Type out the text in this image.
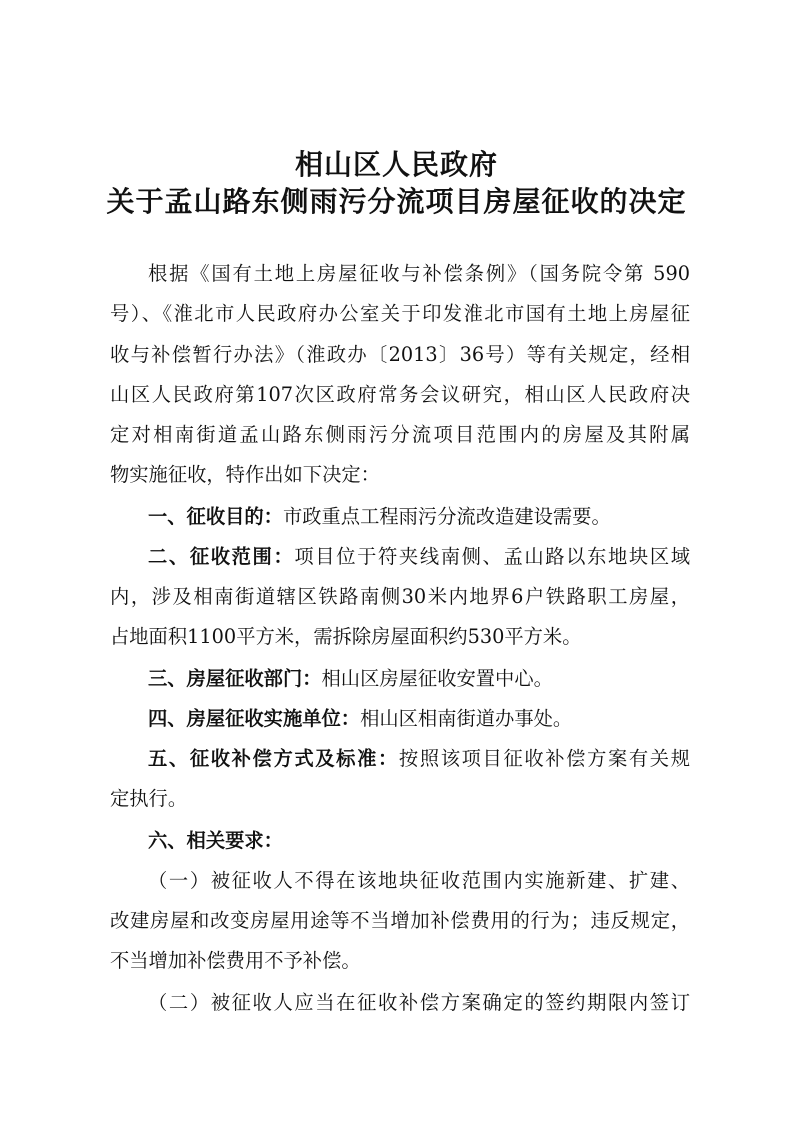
相山区人民政府
关于孟山路东侧雨污分流项目房屋征收的决定
根据《国有土地上房屋征收与补偿条例》（国务院令第 590
号）、《淮北市人民政府办公室关于印发淮北市国有土地上房屋征
收与补偿暂行办法》（淮政办〔2013〕36号）等有关规定，经相
山区人民政府第107次区政府常务会议研究，相山区人民政府决
定对相南街道孟山路东侧雨污分流项目范围内的房屋及其附属
物实施征收，特作出如下决定：
一、征收目的：市政重点工程雨污分流改造建设需要。
二、征收范围：项目位于符夹线南侧、孟山路以东地块区域
内，涉及相南街道辖区铁路南侧30米内地界6户铁路职工房屋，
占地面积1100平方米，需拆除房屋面积约530平方米。
三、房屋征收部门：相山区房屋征收安置中心。
四、房屋征收实施单位：相山区相南街道办事处。
五、征收补偿方式及标准：按照该项目征收补偿方案有关规
定执行。
六、相关要求：
（一）被征收人不得在该地块征收范围内实施新建、扩建、
改建房屋和改变房屋用途等不当增加补偿费用的行为；违反规定，
不当增加补偿费用不予补偿。
（二）被征收人应当在征收补偿方案确定的签约期限内签订
